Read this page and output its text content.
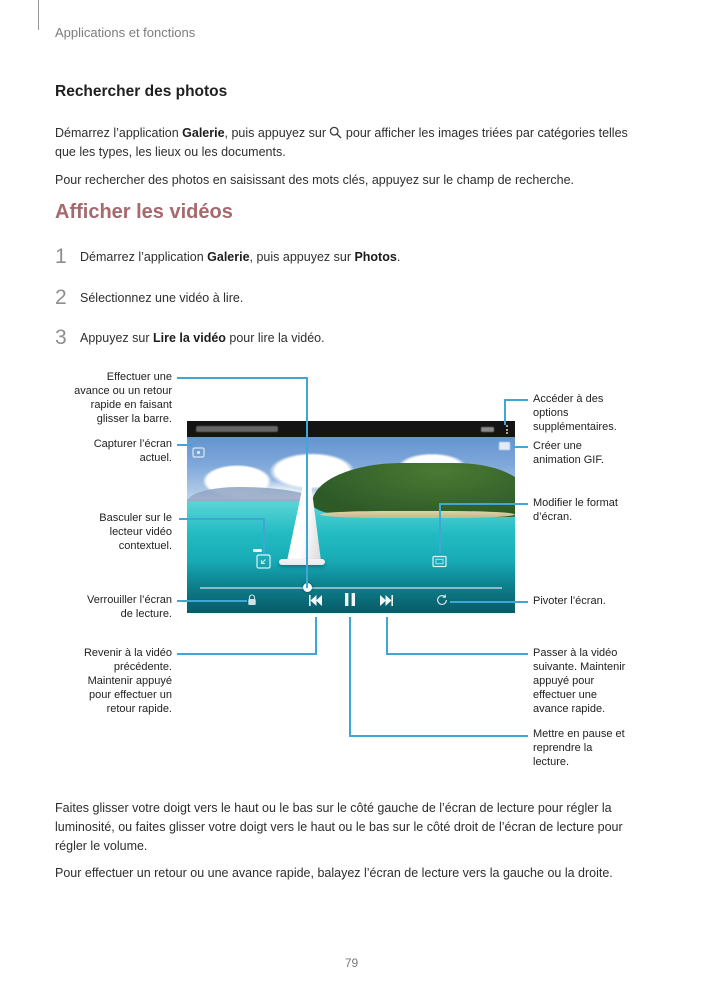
Applications et fonctions
Rechercher des photos

Démarrez l’application Galerie, puis appuyez sur  pour afficher les images triées par catégories telles que les types, les lieux ou les documents.

Pour rechercher des photos en saisissant des mots clés, appuyez sur le champ de recherche.

Afficher les vidéos
1	Démarrez l’application Galerie, puis appuyez sur Photos.
2	Sélectionnez une vidéo à lire.
3	Appuyez sur Lire la vidéo pour lire la vidéo.
Effectuer une
avance ou un retour
rapide en faisant
glisser la barre.
Capturer l’écran
actuel.
Basculer sur le
lecteur vidéo
contextuel.
Verrouiller l’écran
de lecture.
Revenir à la vidéo
précédente.
Maintenir appuyé
pour effectuer un
retour rapide.
Accéder à des
options
supplémentaires.
Créer une
animation GIF.
Modifier le format
d’écran.
Pivoter l’écran.
Passer à la vidéo
suivante. Maintenir
appuyé pour
effectuer une
avance rapide.
Mettre en pause et
reprendre la
lecture.

Faites glisser votre doigt vers le haut ou le bas sur le côté gauche de l’écran de lecture pour régler la luminosité, ou faites glisser votre doigt vers le haut ou le bas sur le côté droit de l’écran de lecture pour régler le volume.

Pour effectuer un retour ou une avance rapide, balayez l’écran de lecture vers la gauche ou la droite.

79
